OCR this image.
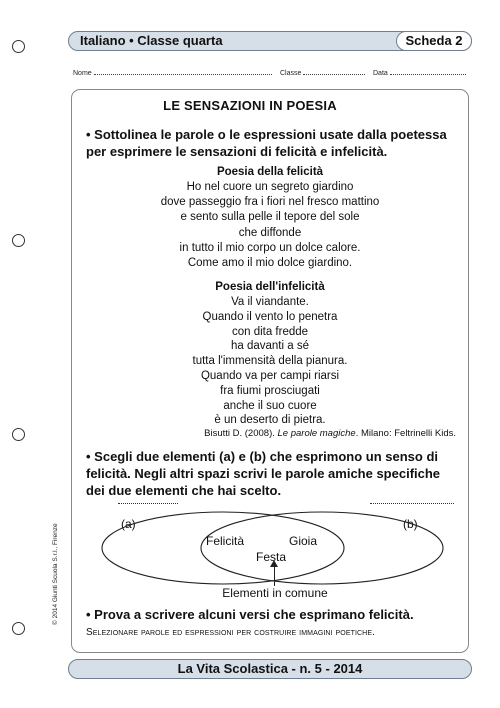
Italiano • Classe quarta	Scheda 2
Nome	Classe	Data
LE SENSAZIONI IN POESIA
• Sottolinea le parole o le espressioni usate dalla poetessa per esprimere le sensazioni di felicità e infelicità.
Poesia della felicità
Ho nel cuore un segreto giardino
dove passeggio fra i fiori nel fresco mattino
e sento sulla pelle il tepore del sole
che diffonde
in tutto il mio corpo un dolce calore.
Come amo il mio dolce giardino.
Poesia dell'infelicità
Va il viandante.
Quando il vento lo penetra
con dita fredde
ha davanti a sé
tutta l'immensità della pianura.
Quando va per campi riarsi
fra fiumi prosciugati
anche il suo cuore
è un deserto di pietra.
Bisutti D. (2008). Le parole magiche. Milano: Feltrinelli Kids.
• Scegli due elementi (a) e (b) che esprimono un senso di felicità. Negli altri spazi scrivi le parole amiche specifiche dei due elementi che hai scelto.
(a)	(b)
Felicità	Gioia
Festa
Elementi in comune
• Prova a scrivere alcuni versi che esprimano felicità.
Selezionare parole ed espressioni per costruire immagini poetiche.
© 2014 Giunti Scuola S.r.l., Firenze
La Vita Scolastica - n. 5 - 2014
